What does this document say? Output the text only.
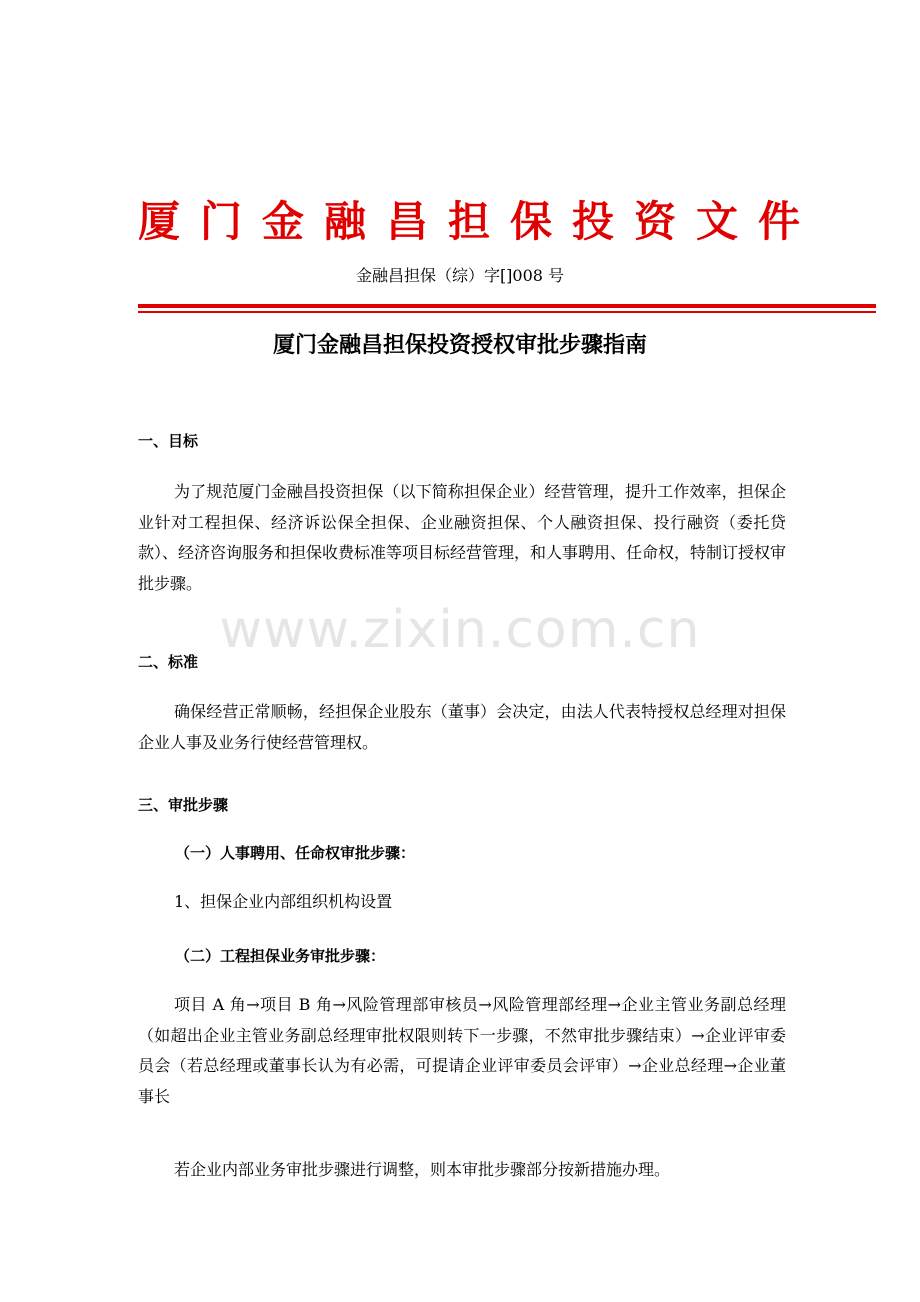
厦门金融昌担保投资文件
金融昌担保（综）字[]008 号
厦门金融昌担保投资授权审批步骤指南
一、目标

为了规范厦门金融昌投资担保（以下简称担保企业）经营管理，提升工作效率，担保企业针对工程担保、经济诉讼保全担保、企业融资担保、个人融资担保、投行融资（委托贷款）、经济咨询服务和担保收费标准等项目标经营管理，和人事聘用、任命权，特制订授权审批步骤。

www.zixin.com.cn
二、标准

确保经营正常顺畅，经担保企业股东（董事）会决定，由法人代表特授权总经理对担保企业人事及业务行使经营管理权。

三、审批步骤
（一）人事聘用、任命权审批步骤：
1、担保企业内部组织机构设置
（二）工程担保业务审批步骤：

项目 A 角→项目 B 角→风险管理部审核员→风险管理部经理→企业主管业务副总经理（如超出企业主管业务副总经理审批权限则转下一步骤，不然审批步骤结束）→企业评审委员会（若总经理或董事长认为有必需，可提请企业评审委员会评审）→企业总经理→企业董事长

若企业内部业务审批步骤进行调整，则本审批步骤部分按新措施办理。
